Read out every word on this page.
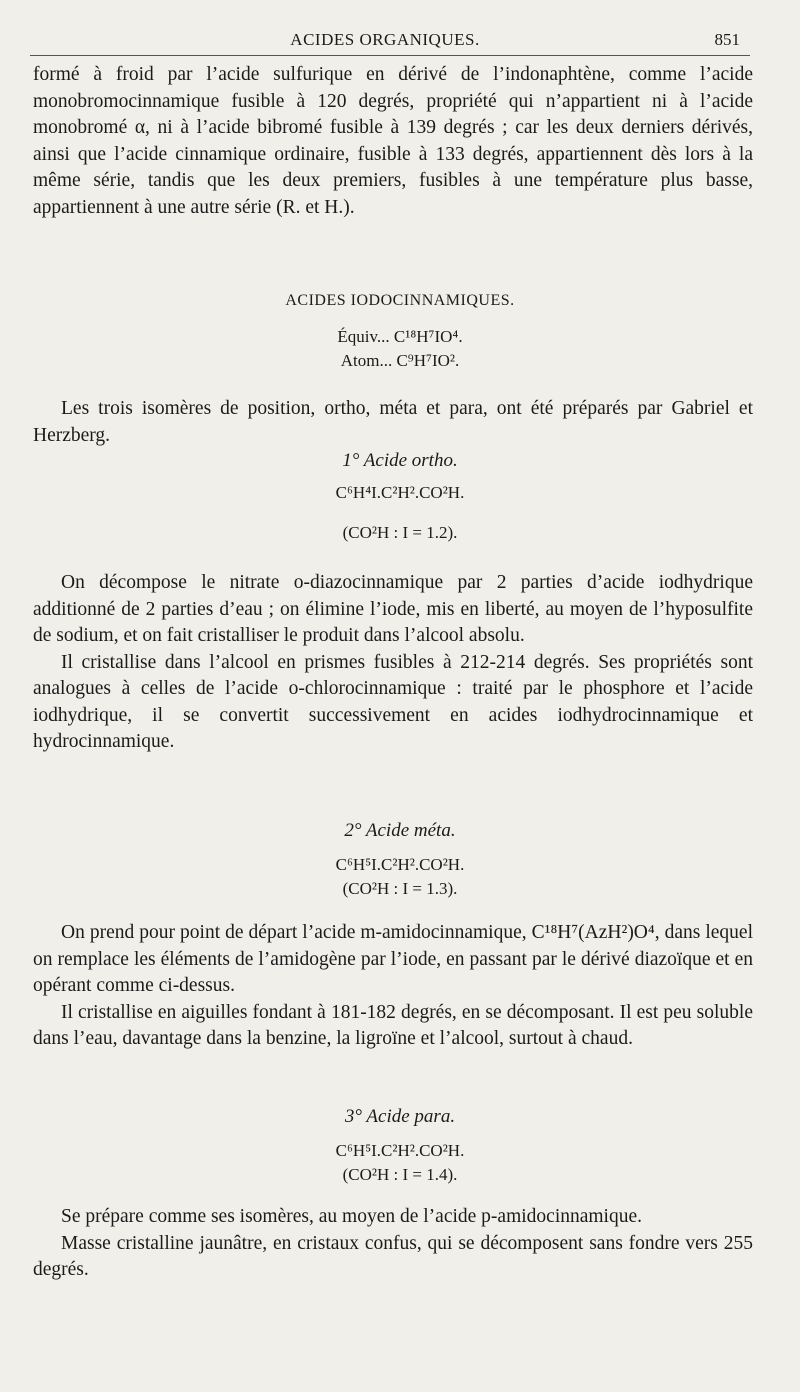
ACIDES ORGANIQUES.	851

formé à froid par l’acide sulfurique en dérivé de l’indonaphtène, comme l’acide monobromocinnamique fusible à 120 degrés, propriété qui n’appartient ni à l’acide monobromé α, ni à l’acide bibromé fusible à 139 degrés ; car les deux derniers dérivés, ainsi que l’acide cinnamique ordinaire, fusible à 133 degrés, appartiennent dès lors à la même série, tandis que les deux premiers, fusibles à une température plus basse, appartiennent à une autre série (R. et H.).

ACIDES IODOCINNAMIQUES.
Équiv... C¹⁸H⁷IO⁴.
Atom... C⁹H⁷IO².

Les trois isomères de position, ortho, méta et para, ont été préparés par Gabriel et Herzberg.

1° Acide ortho.
C⁶H⁴I.C²H².CO²H.
(CO²H : I = 1.2).

On décompose le nitrate o-diazocinnamique par 2 parties d’acide iodhydrique additionné de 2 parties d’eau ; on élimine l’iode, mis en liberté, au moyen de l’hyposulfite de sodium, et on fait cristalliser le produit dans l’alcool absolu.

Il cristallise dans l’alcool en prismes fusibles à 212-214 degrés. Ses propriétés sont analogues à celles de l’acide o-chlorocinnamique : traité par le phosphore et l’acide iodhydrique, il se convertit successivement en acides iodhydrocinnamique et hydrocinnamique.

2° Acide méta.
C⁶H⁵I.C²H².CO²H.
(CO²H : I = 1.3).

On prend pour point de départ l’acide m-amidocinnamique, C¹⁸H⁷(AzH²)O⁴, dans lequel on remplace les éléments de l’amidogène par l’iode, en passant par le dérivé diazoïque et en opérant comme ci-dessus.

Il cristallise en aiguilles fondant à 181-182 degrés, en se décomposant. Il est peu soluble dans l’eau, davantage dans la benzine, la ligroïne et l’alcool, surtout à chaud.

3° Acide para.
C⁶H⁵I.C²H².CO²H.
(CO²H : I = 1.4).

Se prépare comme ses isomères, au moyen de l’acide p-amidocinnamique.

Masse cristalline jaunâtre, en cristaux confus, qui se décomposent sans fondre vers 255 degrés.
